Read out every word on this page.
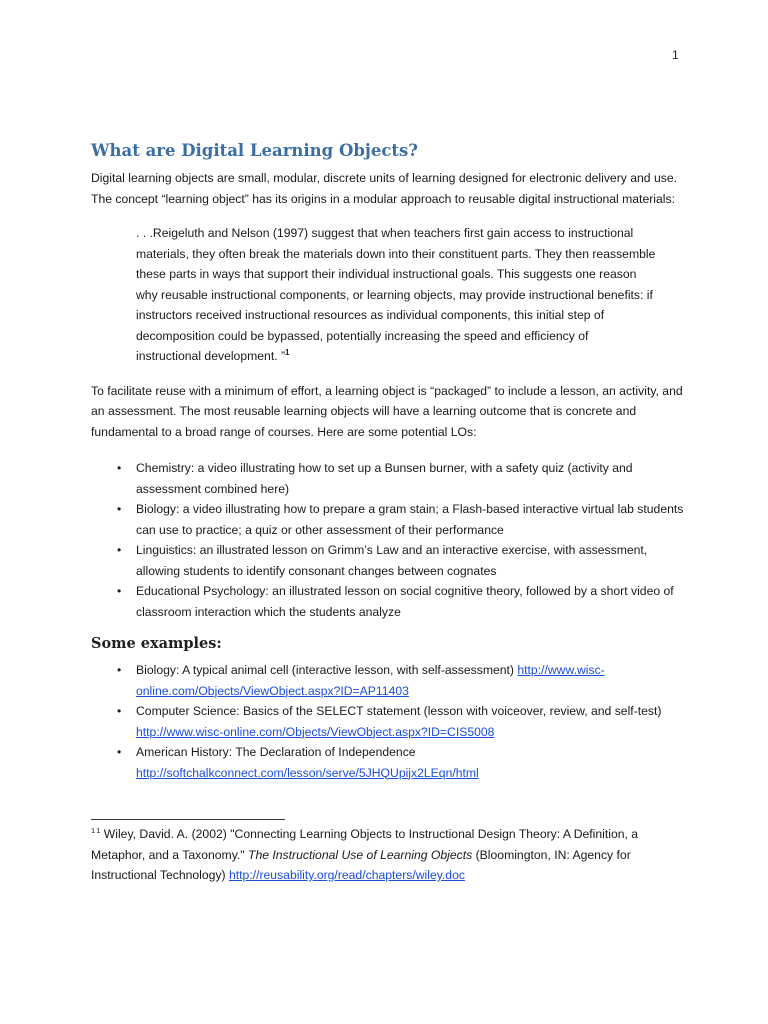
1
What are Digital Learning Objects?

Digital learning objects are small, modular, discrete units of learning designed for electronic delivery and use. The concept “learning object” has its origins in a modular approach to reusable digital instructional materials:

. . .Reigeluth and Nelson (1997) suggest that when teachers first gain access to instructional materials, they often break the materials down into their constituent parts. They then reassemble these parts in ways that support their individual instructional goals. This suggests one reason why reusable instructional components, or learning objects, may provide instructional benefits: if instructors received instructional resources as individual components, this initial step of decomposition could be bypassed, potentially increasing the speed and efficiency of instructional development. ”$^1$

To facilitate reuse with a minimum of effort, a learning object is “packaged” to include a lesson, an activity, and an assessment. The most reusable learning objects will have a learning outcome that is concrete and fundamental to a broad range of courses. Here are some potential LOs:

• Chemistry: a video illustrating how to set up a Bunsen burner, with a safety quiz (activity and assessment combined here)
• Biology: a video illustrating how to prepare a gram stain; a Flash-based interactive virtual lab students can use to practice; a quiz or other assessment of their performance
• Linguistics: an illustrated lesson on Grimm’s Law and an interactive exercise, with assessment, allowing students to identify consonant changes between cognates
• Educational Psychology: an illustrated lesson on social cognitive theory, followed by a short video of classroom interaction which the students analyze
Some examples:
• Biology: A typical animal cell (interactive lesson, with self-assessment) http://www.wisc-online.com/Objects/ViewObject.aspx?ID=AP11403
• Computer Science: Basics of the SELECT statement (lesson with voiceover, review, and self-test) http://www.wisc-online.com/Objects/ViewObject.aspx?ID=CIS5008
• American History: The Declaration of Independence http://softchalkconnect.com/lesson/serve/5JHQUpijx2LEqn/html
$^1$ $^1$ Wiley, David. A. (2002) "Connecting Learning Objects to Instructional Design Theory: A Definition, a Metaphor, and a Taxonomy." The Instructional Use of Learning Objects (Bloomington, IN: Agency for Instructional Technology) http://reusability.org/read/chapters/wiley.doc
